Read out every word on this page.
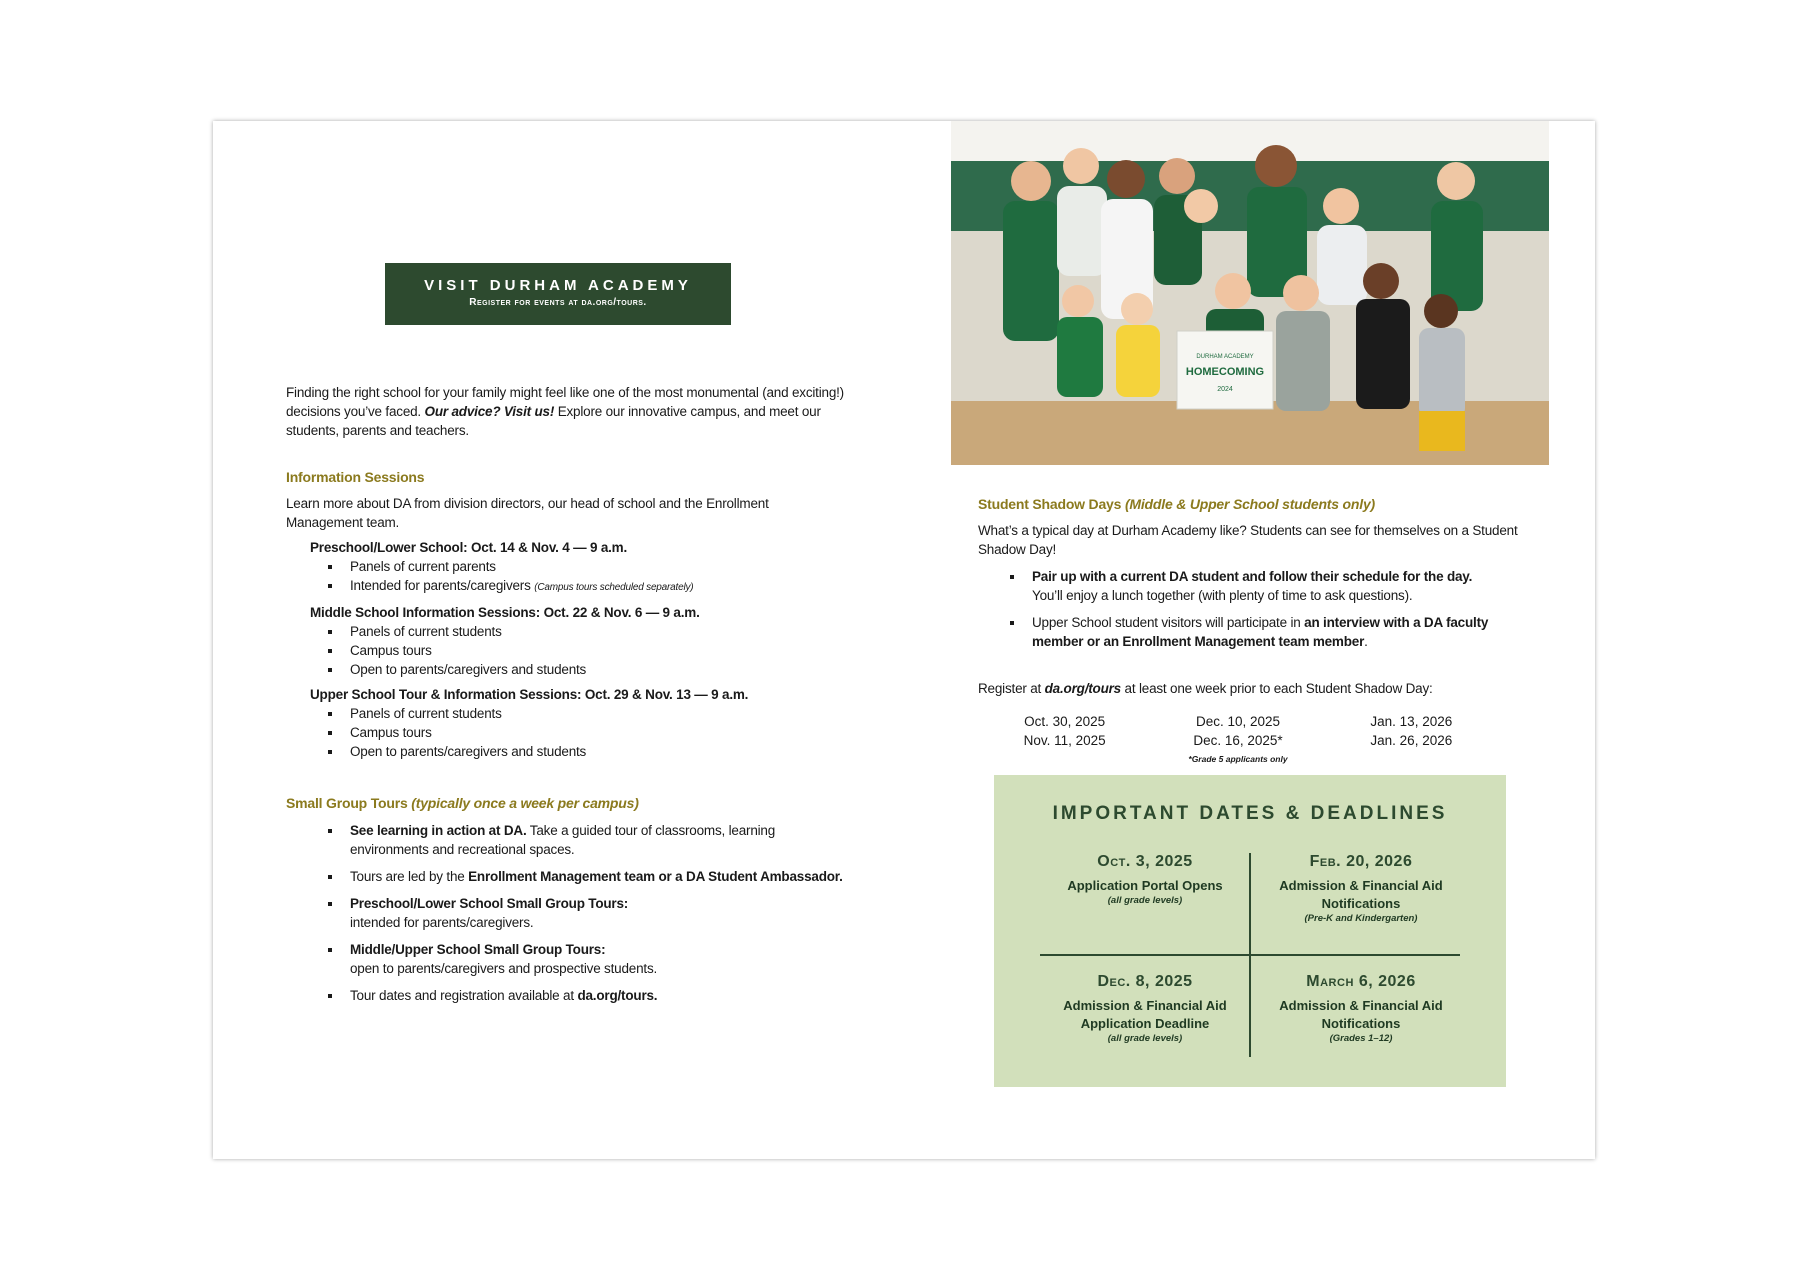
VISIT DURHAM ACADEMY
Register for events at da.org/tours.
Finding the right school for your family might feel like one of the most monumental (and exciting!) decisions you’ve faced. Our advice? Visit us! Explore our innovative campus, and meet our students, parents and teachers.
Information Sessions
Learn more about DA from division directors, our head of school and the Enrollment Management team.
Preschool/Lower School: Oct. 14 & Nov. 4 — 9 a.m.
Panels of current parents
Intended for parents/caregivers (Campus tours scheduled separately)
Middle School Information Sessions: Oct. 22 & Nov. 6 — 9 a.m.
Panels of current students
Campus tours
Open to parents/caregivers and students
Upper School Tour & Information Sessions: Oct. 29 & Nov. 13 — 9 a.m.
Panels of current students
Campus tours
Open to parents/caregivers and students
Small Group Tours (typically once a week per campus)
See learning in action at DA. Take a guided tour of classrooms, learning environments and recreational spaces.
Tours are led by the Enrollment Management team or a DA Student Ambassador.
Preschool/Lower School Small Group Tours:
intended for parents/caregivers.
Middle/Upper School Small Group Tours:
open to parents/caregivers and prospective students.
Tour dates and registration available at da.org/tours.
DURHAM ACADEMY
HOMECOMING
2024
Student Shadow Days (Middle & Upper School students only)
What’s a typical day at Durham Academy like? Students can see for themselves on a Student Shadow Day!
Pair up with a current DA student and follow their schedule for the day.
You’ll enjoy a lunch together (with plenty of time to ask questions).
Upper School student visitors will participate in an interview with a DA faculty member or an Enrollment Management team member.
Register at da.org/tours at least one week prior to each Student Shadow Day:
Oct. 30, 2025	Dec. 10, 2025	Jan. 13, 2026
Nov. 11, 2025	Dec. 16, 2025*	Jan. 26, 2026
*Grade 5 applicants only
IMPORTANT DATES & DEADLINES
Oct. 3, 2025
Application Portal Opens
(all grade levels)
Feb. 20, 2026
Admission & Financial Aid Notifications
(Pre-K and Kindergarten)
Dec. 8, 2025
Admission & Financial Aid Application Deadline
(all grade levels)
March 6, 2026
Admission & Financial Aid Notifications
(Grades 1–12)
